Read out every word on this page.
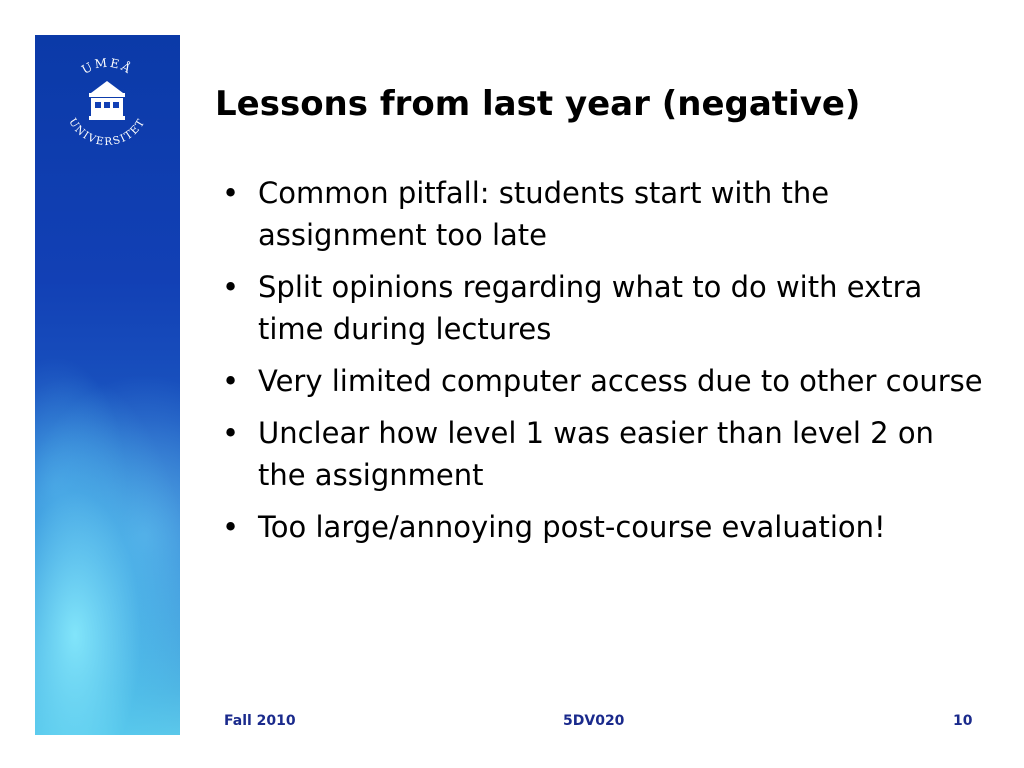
UMEÅ
UNIVERSITET Lessons from last year (negative)
• Common pitfall: students start with the assignment too late
• Split opinions regarding what to do with extra time during lectures
• Very limited computer access due to other course
• Unclear how level 1 was easier than level 2 on the assignment
• Too large/annoying post-course evaluation!
Fall 2010	5DV020	10
